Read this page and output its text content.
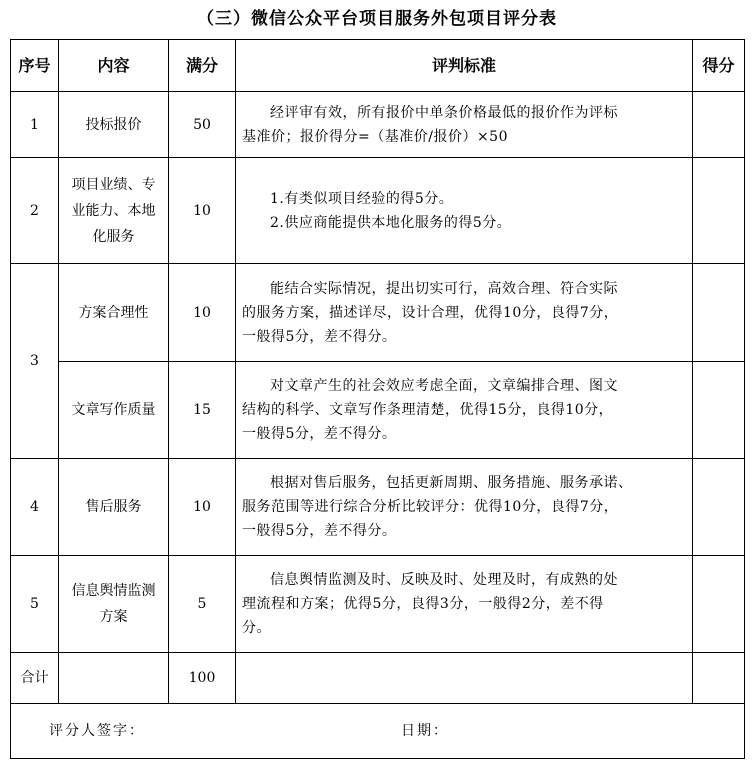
（三）微信公众平台项目服务外包项目评分表
序号	内容	满分	评判标准	得分
1	投标报价	50	经评审有效，所有报价中单条价格最低的报价作为评标
基准价；报价得分=（基准价/报价）×50	

2	项目业绩、专业能力、本地化服务	10	1.有类似项目经验的得5分。
2.供应商能提供本地化服务的得5分。	

3	方案合理性	10	能结合实际情况，提出切实可行，高效合理、符合实际
的服务方案，描述详尽，设计合理，优得10分，良得7分，
一般得5分，差不得分。	

	文章写作质量	15	对文章产生的社会效应考虑全面，文章编排合理、图文
结构的科学、文章写作条理清楚，优得15分，良得10分，
一般得5分，差不得分。	

4	售后服务	10	根据对售后服务，包括更新周期、服务措施、服务承诺、
服务范围等进行综合分析比较评分：优得10分，良得7分，
一般得5分，差不得分。	

5	信息舆情监测方案	5	信息舆情监测及时、反映及时、处理及时，有成熟的处
理流程和方案；优得5分，良得3分，一般得2分，差不得
分。	

合计		100		

评分人签字： 日期：				
